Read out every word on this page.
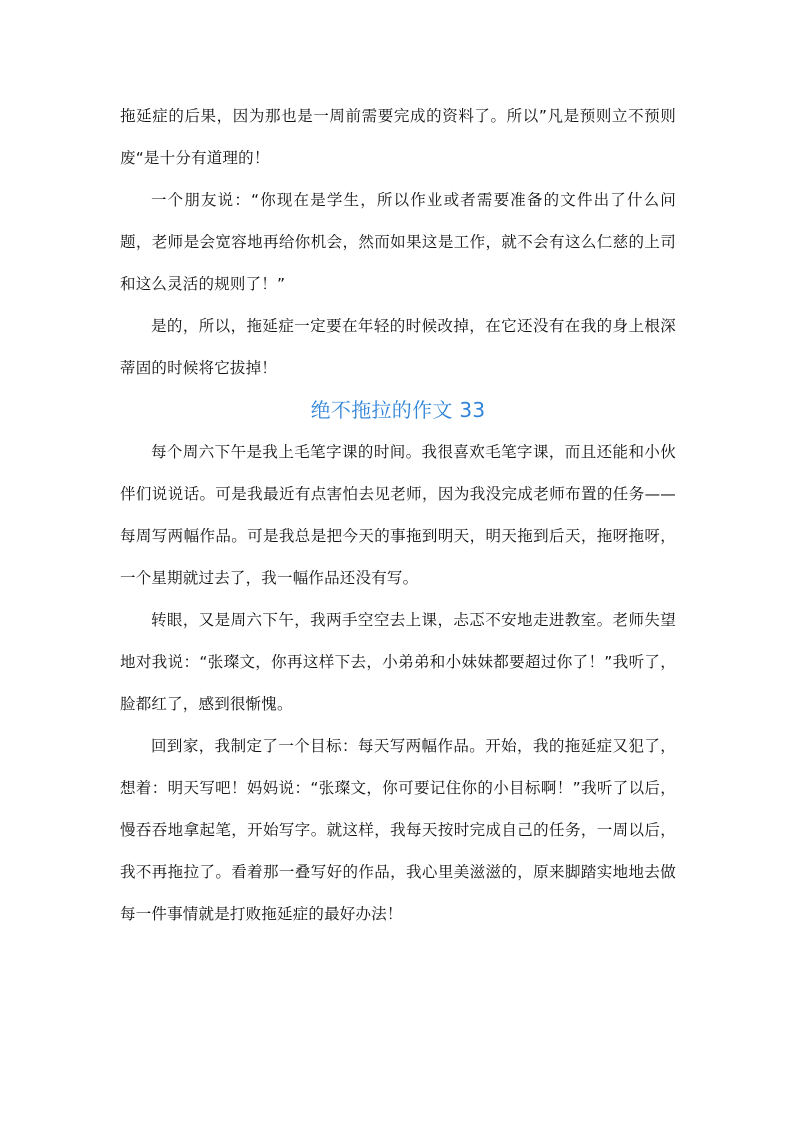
拖延症的后果，因为那也是一周前需要完成的资料了。所以”凡是预则立不预则废“是十分有道理的！

一个朋友说：“你现在是学生，所以作业或者需要准备的文件出了什么问题，老师是会宽容地再给你机会，然而如果这是工作，就不会有这么仁慈的上司和这么灵活的规则了！”

是的，所以，拖延症一定要在年轻的时候改掉，在它还没有在我的身上根深蒂固的时候将它拔掉！

绝不拖拉的作文 33

每个周六下午是我上毛笔字课的时间。我很喜欢毛笔字课，而且还能和小伙伴们说说话。可是我最近有点害怕去见老师，因为我没完成老师布置的任务——每周写两幅作品。可是我总是把今天的事拖到明天，明天拖到后天，拖呀拖呀，一个星期就过去了，我一幅作品还没有写。

转眼，又是周六下午，我两手空空去上课，忐忑不安地走进教室。老师失望地对我说：“张璨文，你再这样下去，小弟弟和小妹妹都要超过你了！”我听了，脸都红了，感到很惭愧。

回到家，我制定了一个目标：每天写两幅作品。开始，我的拖延症又犯了，想着：明天写吧！妈妈说：“张璨文，你可要记住你的小目标啊！”我听了以后，慢吞吞地拿起笔，开始写字。就这样，我每天按时完成自己的任务，一周以后，我不再拖拉了。看着那一叠写好的作品，我心里美滋滋的，原来脚踏实地地去做每一件事情就是打败拖延症的最好办法！
